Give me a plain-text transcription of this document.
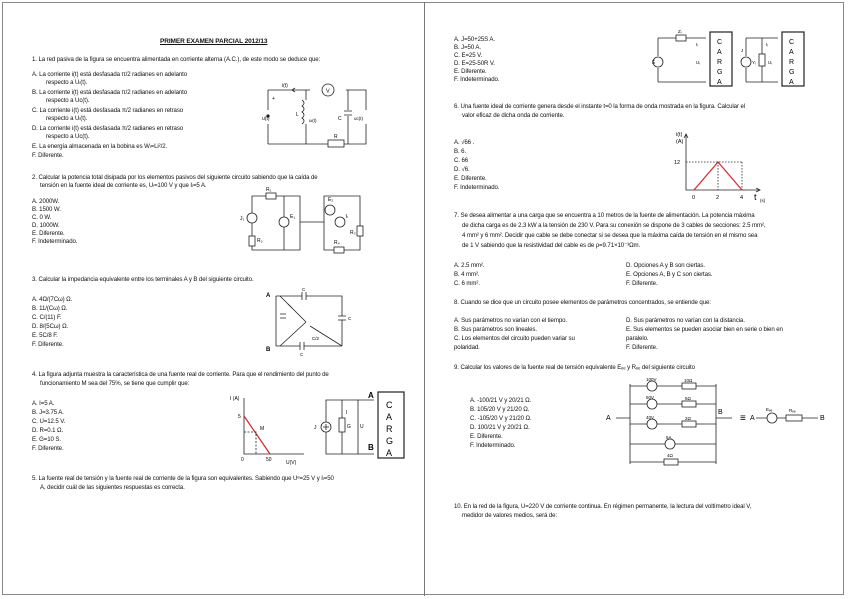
PRIMER EXAMEN PARCIAL 2012/13
1. La red pasiva de la figura se encuentra alimentada en corriente alterna (A.C.), de este modo se deduce que:
A. La corriente i(t) está desfasada π/2 radianes en adelanto
respecto a Uₗ(t).
B. La corriente i(t) está desfasada π/2 radianes en adelanto
respecto a Uᴄ(t).
C. La corriente i(t) está desfasada π/2 radianes en retraso
respecto a Uₗ(t).
D. La corriente i(t) está desfasada π/2 radianes en retraso
respecto a Uᴄ(t).
E. La energía almacenada en la bobina es Wₗ=Li²/2.
F. Diferente.
V
i(t)
+
u(t)
L
uₗ(t)	C	uᴄ(t)
R
2. Calcular la potencia total disipada por los elementos pasivos del siguiente circuito sabiendo que la caída de
tensión en la fuente ideal de corriente es, Uₗ=100 V y que Iₗ=5 A.
A. 2000W.
B. 1500 W.
C. 0 W.
D. 1000W.
E. Diferente.
F. Indeterminado.
R₁
J₁
R₂
E₁
E₂
Iₗ
R₃
R₄
3. Calcular la impedancia equivalente entre los terminales A y B del siguiente circuito.
A. 4Ω/(7Cω) Ω.
B. 11/(Cω) Ω.
C. C/(11) F.
D. 8/(5Cω) Ω.
E. 5C/8 F.
F. Diferente.
A
B
C
C
C/2
C
4. La figura adjunta muestra la característica de una fuente real de corriente. Para que el rendimiento del punto de
funcionamiento M sea del 75%, se tiene que cumplir que:
A. I=5 A.
B. J=3.75 A.
C. U=12.5 V.
D. R=0.1 Ω.
E. G=10 S.
F. Diferente.
I (A)
5
M
0	50	U(V)
J
I
G U
A
B
C
A
R
G
A
5. La fuente real de tensión y la fuente real de corriente de la figura son equivalentes. Sabiendo que Uᵉ=25 V y Iₗ=50
A, decidir cuál de las siguientes respuestas es correcta.
A. J=50+25S A.
B. J=50 A.
C. E=25 V.
D. E=25-50R V.
E. Diferente.
F. Indeterminado.
Zᵢ
E
Iᵢ
Uᵢ
C
A
R
G
A
Iᵢ
J
Yᵢ	Uᵢ
C
A
R
G
A
6. Una fuente ideal de corriente genera desde el instante t=0 la forma de onda mostrada en la figura. Calcular el
valor eficaz de dicha onda de corriente.
A. √66 .
B. 6.
C. 66
D. √6.
E. Diferente.
F. Indeterminado.
i(t)
(A)
12
0	2	4 t (s)
7. Se desea alimentar a una carga que se encuentra a 10 metros de la fuente de alimentación. La potencia máxima
de dicha carga es de 2.3 kW a la tensión de 230 V. Para su conexión se dispone de 3 cables de secciones: 2.5 mm²,
4 mm² y 6 mm². Decidir que cable se debe conectar si se desea que la máxima caída de tensión en el mismo sea
de 1 V sabiendo que la resistividad del cable es de ρ=9.71×10⁻³Ωm.
A. 2.5 mm².
B. 4 mm².
C. 6 mm².
D. Opciones A y B son ciertas.
E. Opciones A, B y C son ciertas.
F. Diferente.
8. Cuando se dice que un circuito posee elementos de parámetros concentrados, se entiende que:
A. Sus parámetros no varían con el tiempo.
B. Sus parámetros son lineales.
C. Los elementos del circuito pueden variar su
polaridad.
D. Sus parámetros no varían con la distancia.
E. Sus elementos se pueden asociar bien en serie o bien en
paralelo.
F. Diferente.
9. Calcular los valores de la fuente real de tensión equivalente Eₑₑ y Rₑₑ del siguiente circuito
A. -100/21 V y 20/21 Ω.
B. 105/20 V y 21/20 Ω.
C. -105/20 V y 21/20 Ω.
D. 100/21 V y 20/21 Ω.
E. Diferente.
F. Indeterminado.
A
B
100V	10Ω
50V	5Ω
40V	2Ω
5A
4Ω
≡
Eₑₑ	Rₑₑ
A	B
10. En la red de la figura, U=220 V de corriente continua. En régimen permanente, la lectura del voltímetro ideal V,
medidor de valores medios, será de:
